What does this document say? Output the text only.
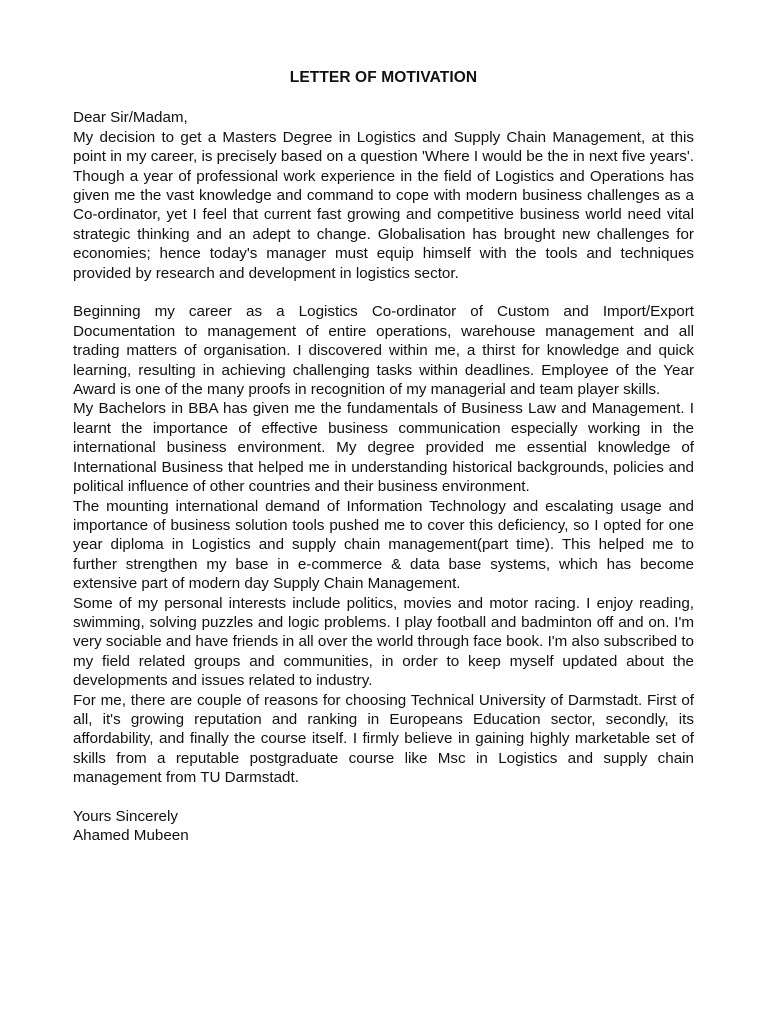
LETTER OF MOTIVATION

Dear Sir/Madam,

My decision to get a Masters Degree in Logistics and Supply Chain Management, at this point in my career, is precisely based on a question 'Where I would be the in next five years'. Though a year of professional work experience in the field of Logistics and Operations has given me the vast knowledge and command to cope with modern business challenges as a Co-ordinator, yet I feel that current fast growing and competitive business world need vital strategic thinking and an adept to change. Globalisation has brought new challenges for economies; hence today's manager must equip himself with the tools and techniques provided by research and development in logistics sector.

Beginning my career as a Logistics Co-ordinator of Custom and Import/Export Documentation to management of entire operations, warehouse management and all trading matters of organisation. I discovered within me, a thirst for knowledge and quick learning, resulting in achieving challenging tasks within deadlines. Employee of the Year Award is one of the many proofs in recognition of my managerial and team player skills.

My Bachelors in BBA has given me the fundamentals of Business Law and Management. I learnt the importance of effective business communication especially working in the international business environment. My degree provided me essential knowledge of International Business that helped me in understanding historical backgrounds, policies and political influence of other countries and their business environment.

The mounting international demand of Information Technology and escalating usage and importance of business solution tools pushed me to cover this deficiency, so I opted for one year diploma in Logistics and supply chain management(part time). This helped me to further strengthen my base in e-commerce & data base systems, which has become extensive part of modern day Supply Chain Management.

Some of my personal interests include politics, movies and motor racing. I enjoy reading, swimming, solving puzzles and logic problems. I play football and badminton off and on. I'm very sociable and have friends in all over the world through face book. I'm also subscribed to my field related groups and communities, in order to keep myself updated about the developments and issues related to industry.

For me, there are couple of reasons for choosing Technical University of Darmstadt. First of all, it's growing reputation and ranking in Europeans Education sector, secondly, its affordability, and finally the course itself. I firmly believe in gaining highly marketable set of skills from a reputable postgraduate course like Msc in Logistics and supply chain management from TU Darmstadt.

Yours Sincerely

Ahamed Mubeen
